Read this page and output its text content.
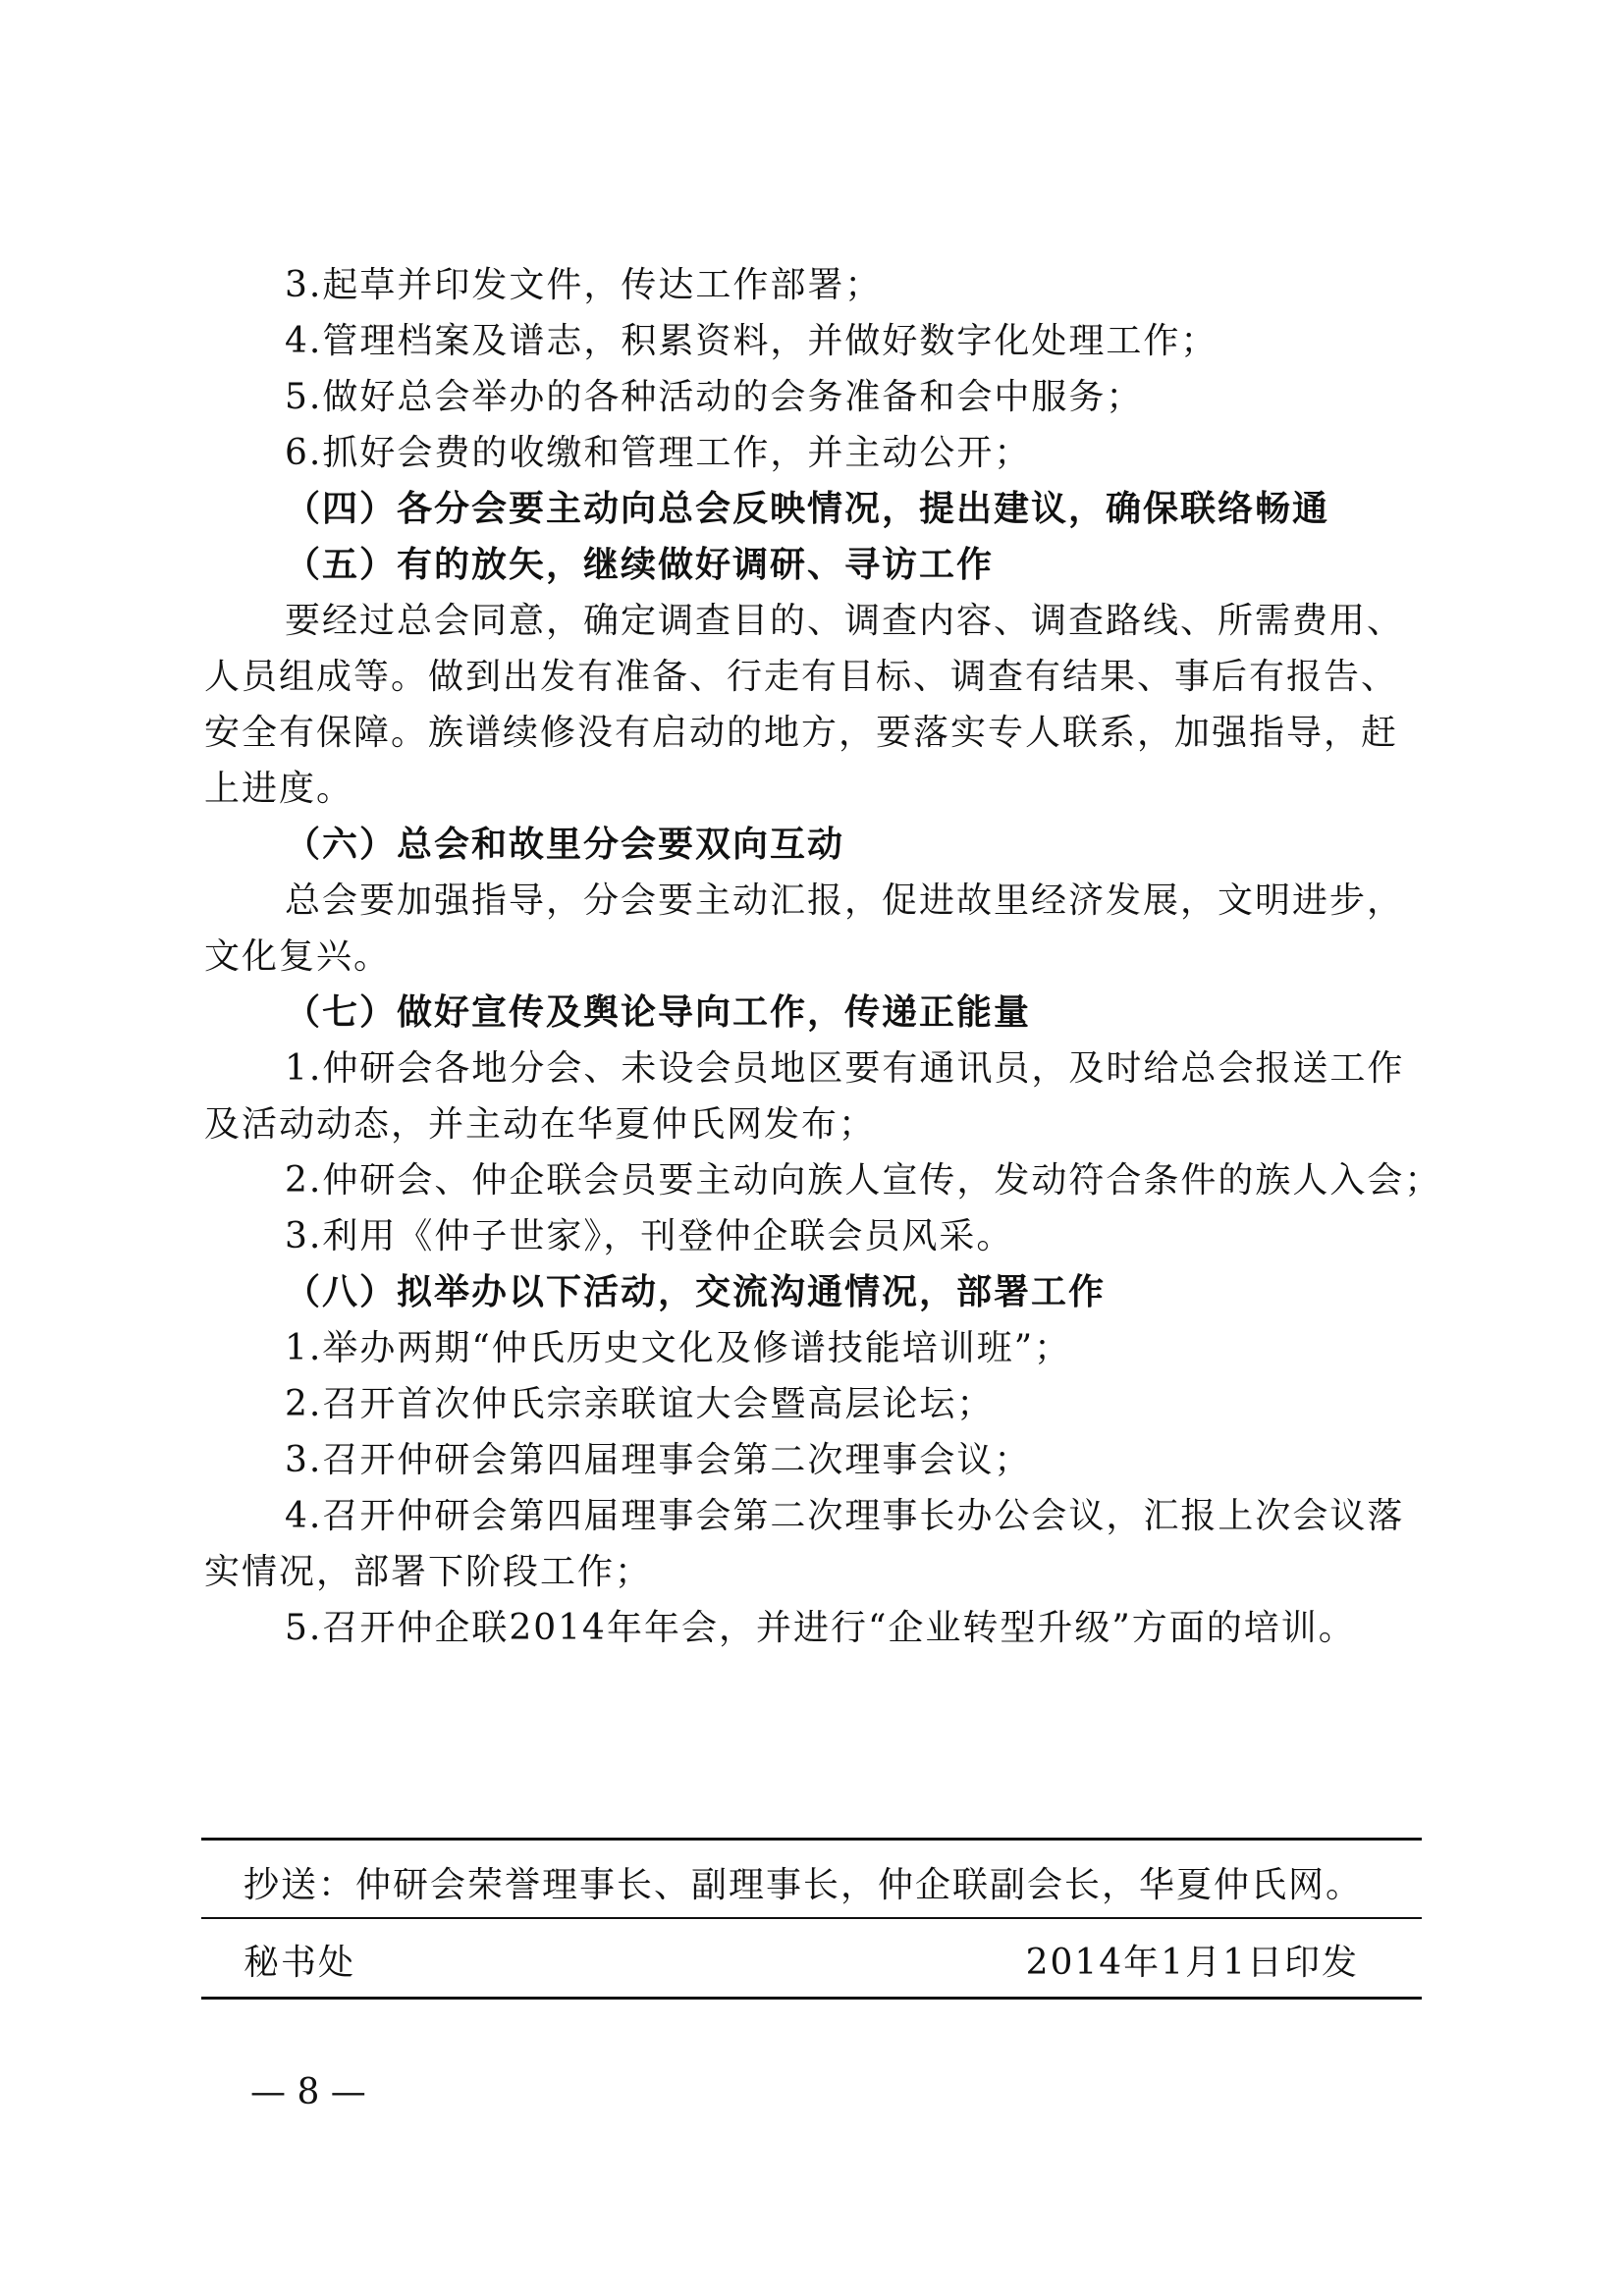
3.起草并印发文件，传达工作部署；
4.管理档案及谱志，积累资料，并做好数字化处理工作；
5.做好总会举办的各种活动的会务准备和会中服务；
6.抓好会费的收缴和管理工作，并主动公开；
（四）各分会要主动向总会反映情况，提出建议，确保联络畅通
（五）有的放矢，继续做好调研、寻访工作
要经过总会同意，确定调查目的、调查内容、调查路线、所需费用、
人员组成等。做到出发有准备、行走有目标、调查有结果、事后有报告、
安全有保障。族谱续修没有启动的地方，要落实专人联系，加强指导，赶
上进度。
（六）总会和故里分会要双向互动
总会要加强指导，分会要主动汇报，促进故里经济发展，文明进步，
文化复兴。
（七）做好宣传及舆论导向工作，传递正能量
1.仲研会各地分会、未设会员地区要有通讯员，及时给总会报送工作
及活动动态，并主动在华夏仲氏网发布；
2.仲研会、仲企联会员要主动向族人宣传，发动符合条件的族人入会；
3.利用《仲子世家》，刊登仲企联会员风采。
（八）拟举办以下活动，交流沟通情况，部署工作
1.举办两期“仲氏历史文化及修谱技能培训班”；
2.召开首次仲氏宗亲联谊大会暨高层论坛；
3.召开仲研会第四届理事会第二次理事会议；
4.召开仲研会第四届理事会第二次理事长办公会议，汇报上次会议落
实情况，部署下阶段工作；
5.召开仲企联2014年年会，并进行“企业转型升级”方面的培训。
抄送：仲研会荣誉理事长、副理事长，仲企联副会长，华夏仲氏网。
秘书处	2014年1月1日印发
— 8 —
